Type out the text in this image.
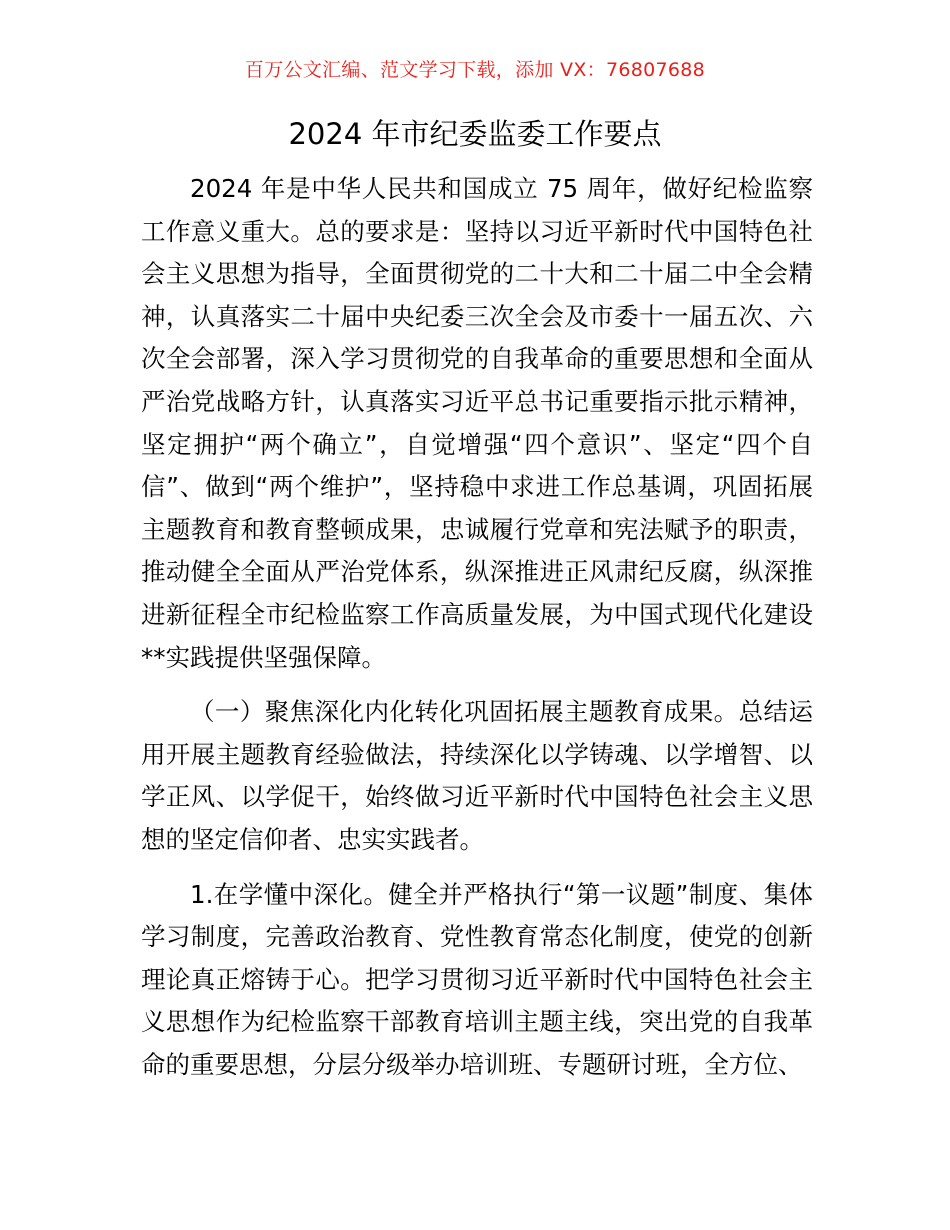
百万公文汇编、范文学习下载，添加 VX：76807688
2024 年市纪委监委工作要点

2024 年是中华人民共和国成立 75 周年，做好纪检监察工作意义重大。总的要求是：坚持以习近平新时代中国特色社会主义思想为指导，全面贯彻党的二十大和二十届二中全会精神，认真落实二十届中央纪委三次全会及市委十一届五次、六次全会部署，深入学习贯彻党的自我革命的重要思想和全面从严治党战略方针，认真落实习近平总书记重要指示批示精神，坚定拥护“两个确立”，自觉增强“四个意识”、坚定“四个自信”、做到“两个维护”，坚持稳中求进工作总基调，巩固拓展主题教育和教育整顿成果，忠诚履行党章和宪法赋予的职责，推动健全全面从严治党体系，纵深推进正风肃纪反腐，纵深推进新征程全市纪检监察工作高质量发展，为中国式现代化建设**实践提供坚强保障。

（一）聚焦深化内化转化巩固拓展主题教育成果。总结运用开展主题教育经验做法，持续深化以学铸魂、以学增智、以学正风、以学促干，始终做习近平新时代中国特色社会主义思想的坚定信仰者、忠实实践者。

1.在学懂中深化。健全并严格执行“第一议题”制度、集体学习制度，完善政治教育、党性教育常态化制度，使党的创新理论真正熔铸于心。把学习贯彻习近平新时代中国特色社会主义思想作为纪检监察干部教育培训主题主线，突出党的自我革命的重要思想，分层分级举办培训班、专题研讨班，全方位、
